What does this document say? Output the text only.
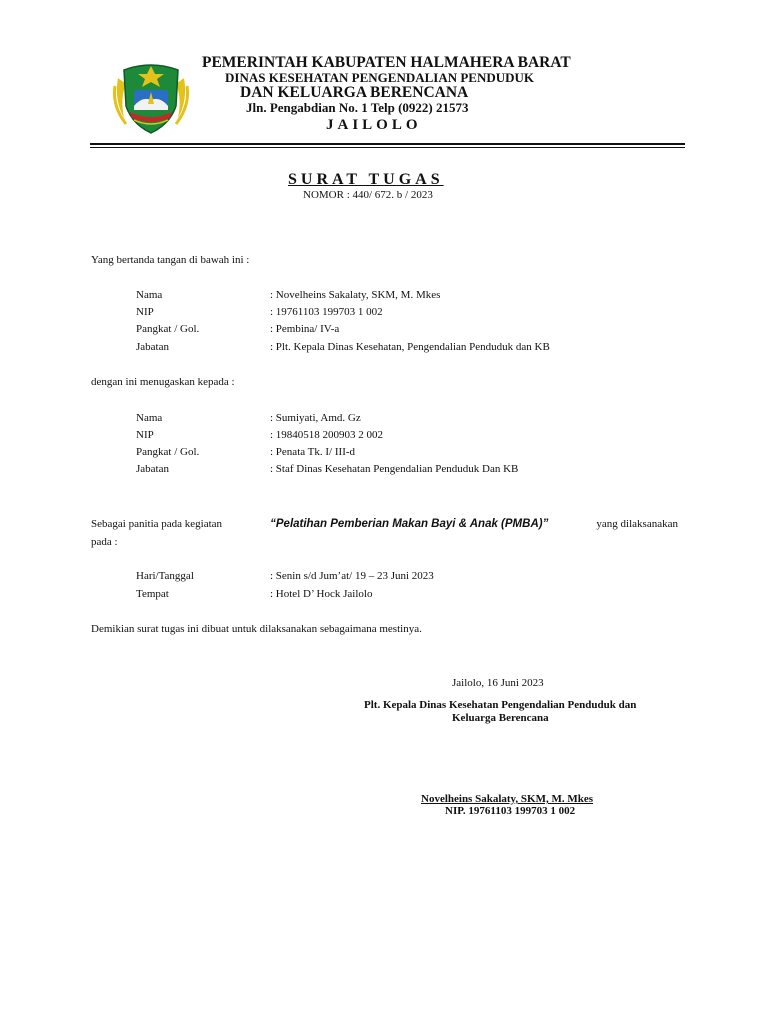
PEMERINTAH KABUPATEN HALMAHERA BARAT
DINAS KESEHATAN PENGENDALIAN PENDUDUK
DAN KELUARGA BERENCANA
Jln. Pengabdian No. 1 Telp (0922) 21573
JAILOLO
SURAT TUGAS
NOMOR : 440/ 672. b / 2023
Yang bertanda tangan di bawah ini :
Nama	: Novelheins Sakalaty, SKM, M. Mkes
NIP	: 19761103 199703 1 002
Pangkat / Gol.	: Pembina/ IV-a
Jabatan	: Plt. Kepala Dinas Kesehatan, Pengendalian Penduduk dan KB
dengan ini menugaskan kepada :
Nama	: Sumiyati, Amd. Gz
NIP	: 19840518 200903 2 002
Pangkat / Gol.	: Penata Tk. I/ III-d
Jabatan	: Staf Dinas Kesehatan Pengendalian Penduduk Dan KB
Sebagai panitia pada kegiatan	“Pelatihan Pemberian Makan Bayi & Anak (PMBA)”	yang dilaksanakan
pada :
Hari/Tanggal	: Senin s/d Jum’at/ 19 – 23 Juni 2023
Tempat	: Hotel D’ Hock Jailolo
Demikian surat tugas ini dibuat untuk dilaksanakan sebagaimana mestinya.
Jailolo, 16 Juni 2023
Plt. Kepala Dinas Kesehatan Pengendalian Penduduk dan
Keluarga Berencana
Novelheins Sakalaty, SKM, M. Mkes
NIP. 19761103 199703 1 002
